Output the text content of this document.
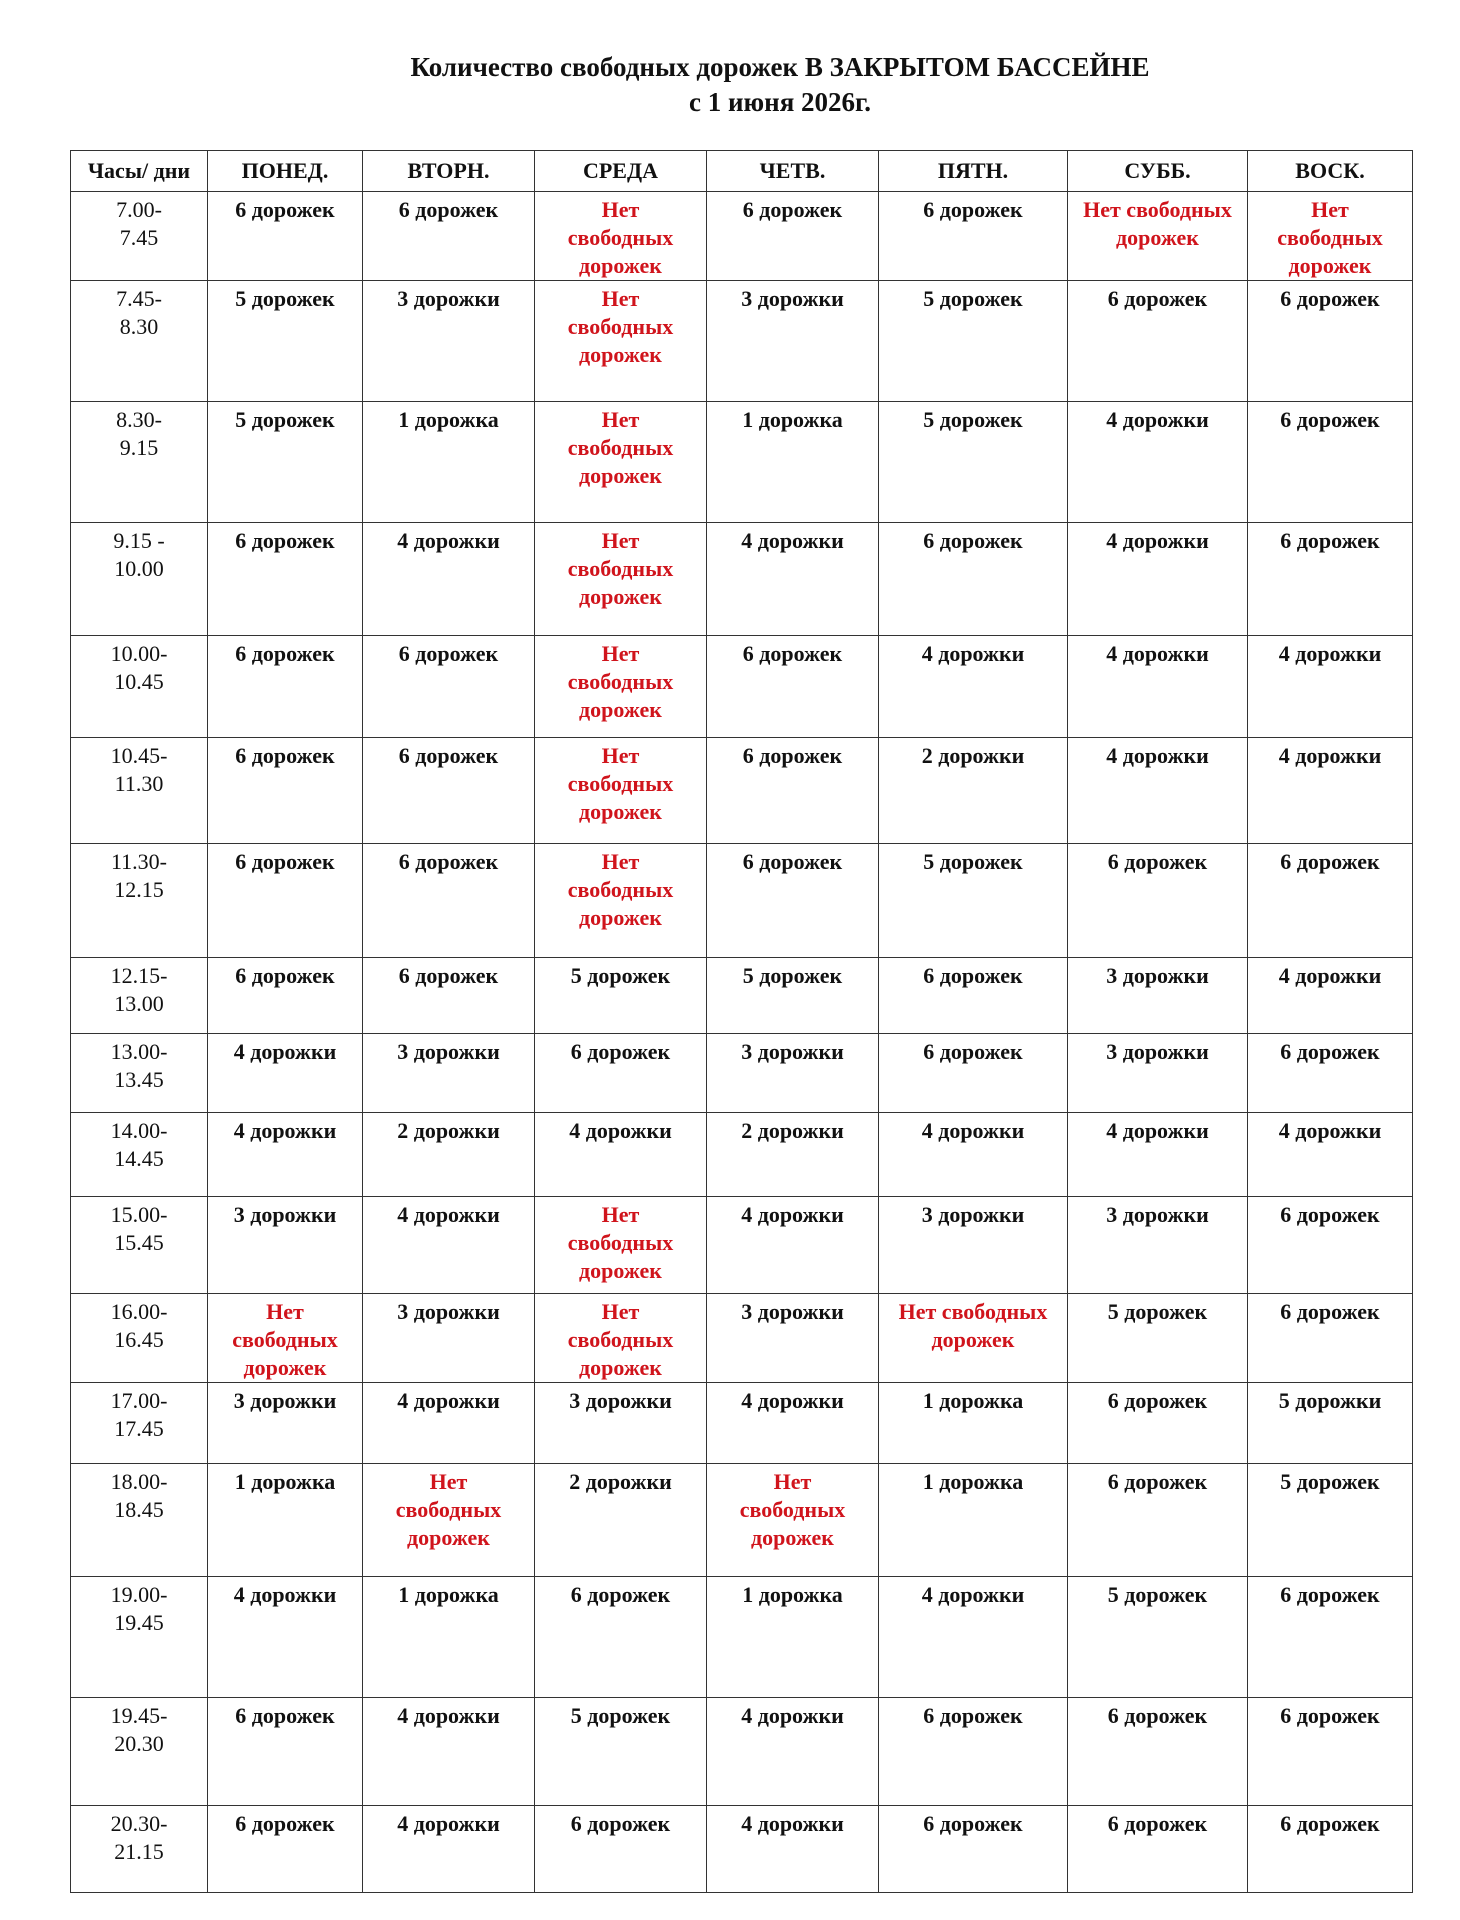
Количество свободных дорожек В ЗАКРЫТОМ БАССЕЙНЕ
с 1 июня 2026г.
Часы/ дни	ПОНЕД.	ВТОРН.	СРЕДА	ЧЕТВ.	ПЯТН.	СУББ.	ВОСК.
7.00-
7.45	6 дорожек	6 дорожек	Нет свободных дорожек	6 дорожек	6 дорожек	Нет свободных дорожек	Нет свободных дорожек
7.45-
8.30	5 дорожек	3 дорожки	Нет свободных дорожек	3 дорожки	5 дорожек	6 дорожек	6 дорожек
8.30-
9.15	5 дорожек	1 дорожка	Нет свободных дорожек	1 дорожка	5 дорожек	4 дорожки	6 дорожек
9.15 -
10.00	6 дорожек	4 дорожки	Нет свободных дорожек	4 дорожки	6 дорожек	4 дорожки	6 дорожек
10.00-
10.45	6 дорожек	6 дорожек	Нет свободных дорожек	6 дорожек	4 дорожки	4 дорожки	4 дорожки
10.45-
11.30	6 дорожек	6 дорожек	Нет свободных дорожек	6 дорожек	2 дорожки	4 дорожки	4 дорожки
11.30-
12.15	6 дорожек	6 дорожек	Нет свободных дорожек	6 дорожек	5 дорожек	6 дорожек	6 дорожек
12.15-
13.00	6 дорожек	6 дорожек	5 дорожек	5 дорожек	6 дорожек	3 дорожки	4 дорожки
13.00-
13.45	4 дорожки	3 дорожки	6 дорожек	3 дорожки	6 дорожек	3 дорожки	6 дорожек
14.00-
14.45	4 дорожки	2 дорожки	4 дорожки	2 дорожки	4 дорожки	4 дорожки	4 дорожки
15.00-
15.45	3 дорожки	4 дорожки	Нет свободных дорожек	4 дорожки	3 дорожки	3 дорожки	6 дорожек
16.00-
16.45	Нет свободных дорожек	3 дорожки	Нет свободных дорожек	3 дорожки	Нет свободных дорожек	5 дорожек	6 дорожек
17.00-
17.45	3 дорожки	4 дорожки	3 дорожки	4 дорожки	1 дорожка	6 дорожек	5 дорожки
18.00-
18.45	1 дорожка	Нет свободных дорожек	2 дорожки	Нет свободных дорожек	1 дорожка	6 дорожек	5 дорожек
19.00-
19.45	4 дорожки	1 дорожка	6 дорожек	1 дорожка	4 дорожки	5 дорожек	6 дорожек
19.45-
20.30	6 дорожек	4 дорожки	5 дорожек	4 дорожки	6 дорожек	6 дорожек	6 дорожек
20.30-
21.15	6 дорожек	4 дорожки	6 дорожек	4 дорожки	6 дорожек	6 дорожек	6 дорожек
